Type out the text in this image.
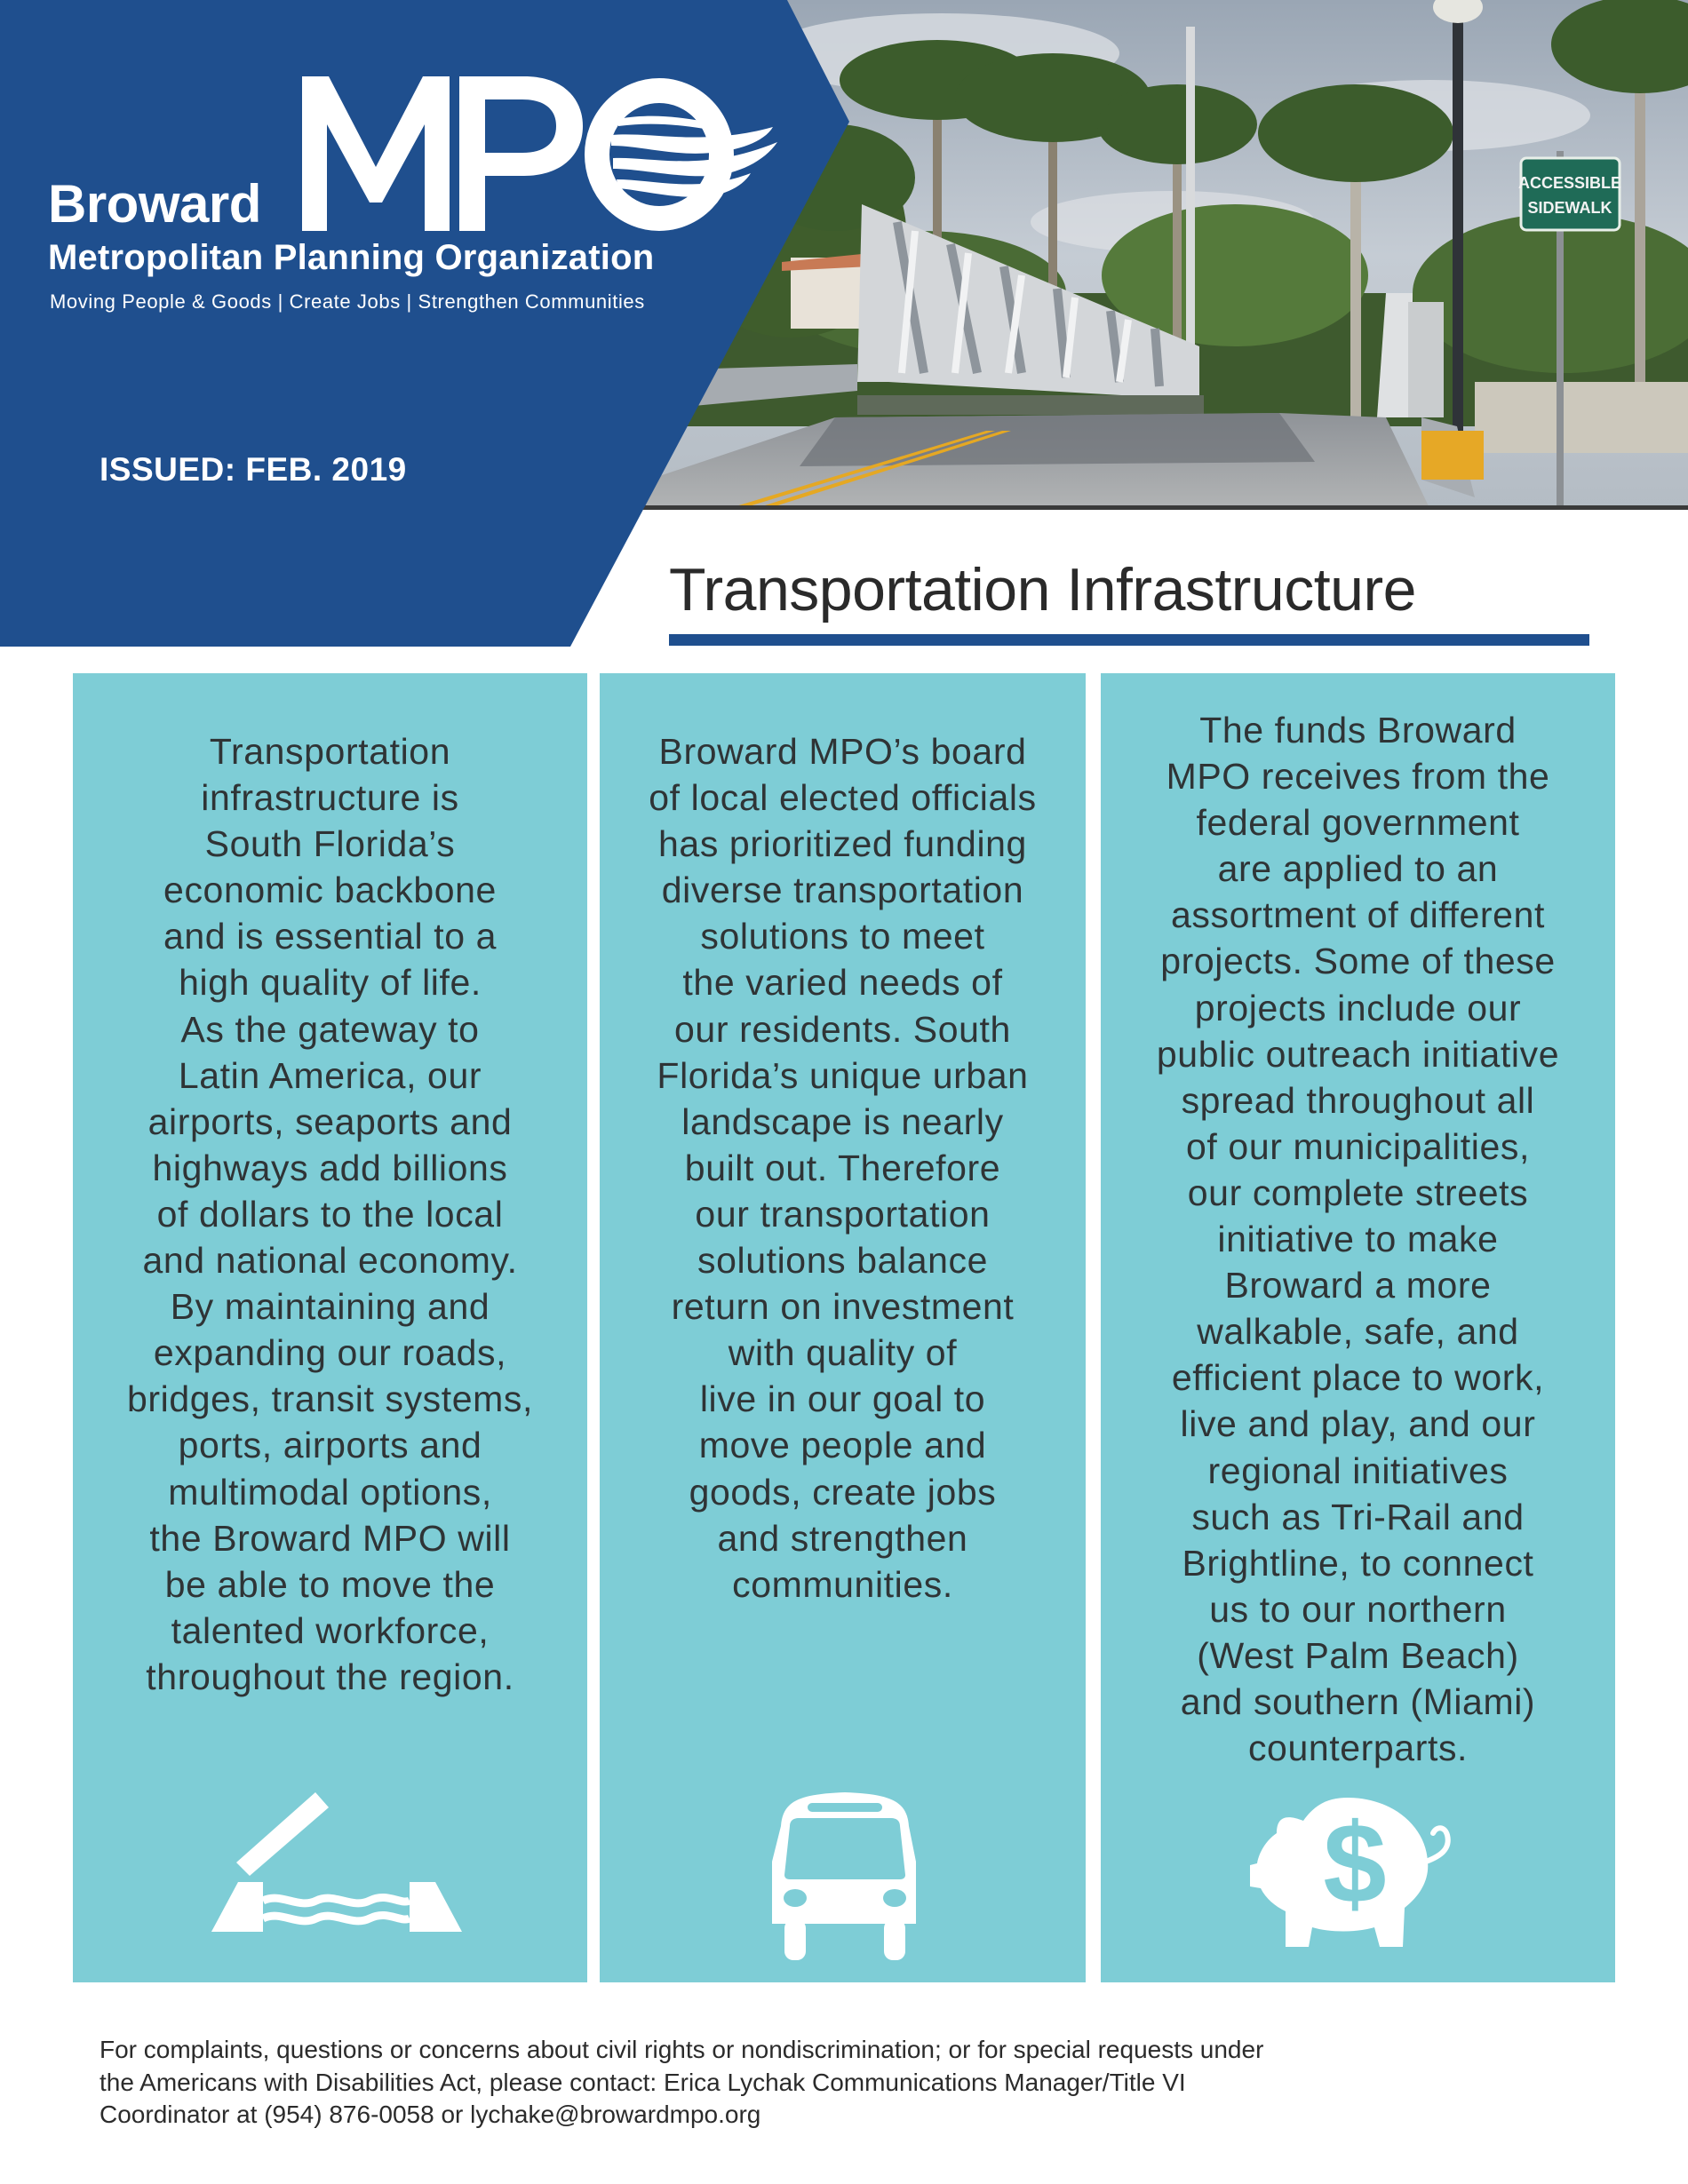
ACCESSIBLE
SIDEWALK
Broward
Metropolitan Planning Organization
Moving People & Goods | Create Jobs | Strengthen Communities
ISSUED: FEB. 2019
Transportation Infrastructure
Transportation
infrastructure is
South Florida’s
economic backbone
and is essential to a
high quality of life.
As the gateway to
Latin America, our
airports, seaports and
highways add billions
of dollars to the local
and national economy.
By maintaining and
expanding our roads,
bridges, transit systems,
ports, airports and
multimodal options,
the Broward MPO will
be able to move the
talented workforce,
throughout the region.
Broward MPO’s board
of local elected officials
has prioritized funding
diverse transportation
solutions to meet
the varied needs of
our residents. South
Florida’s unique urban
landscape is nearly
built out. Therefore
our transportation
solutions balance
return on investment
with quality of
live in our goal to
move people and
goods, create jobs
and strengthen
communities.
The funds Broward
MPO receives from the
federal government
are applied to an
assortment of different
projects. Some of these
projects include our
public outreach initiative
spread throughout all
of our municipalities,
our complete streets
initiative to make
Broward a more
walkable, safe, and
efficient place to work,
live and play, and our
regional initiatives
such as Tri-Rail and
Brightline, to connect
us to our northern
(West Palm Beach)
and southern (Miami)
counterparts.
$
For complaints, questions or concerns about civil rights or nondiscrimination; or for special requests under
the Americans with Disabilities Act, please contact: Erica Lychak Communications Manager/Title VI
Coordinator at (954) 876-0058 or lychake@browardmpo.org
